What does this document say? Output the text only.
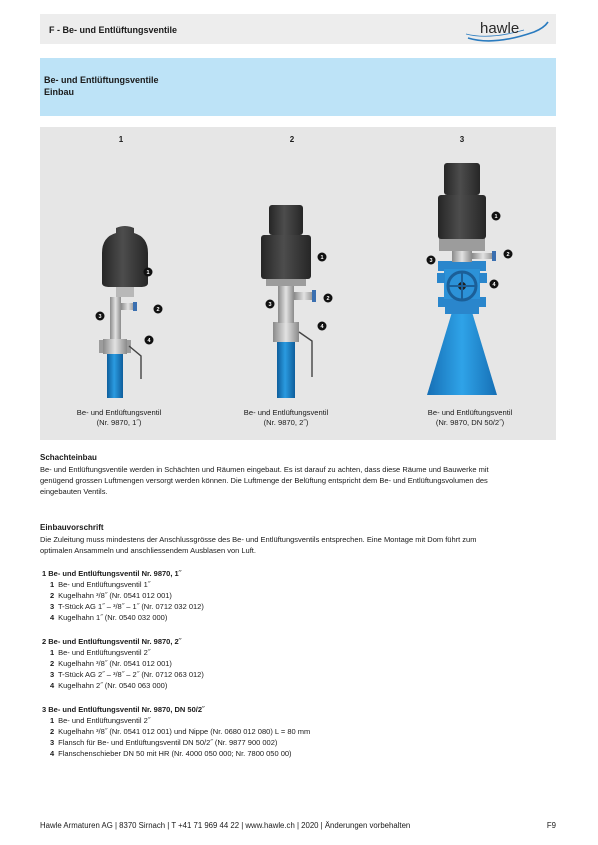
F - Be- und Entlüftungsventile	hawle
Be- und Entlüftungsventile
Einbau
1
2
3
4
1
2
3
4
1
2
3
4
1	2	3
Be- und Entlüftungsventil
(Nr. 9870, 1˝)
Be- und Entlüftungsventil
(Nr. 9870, 2˝)
Be- und Entlüftungsventil
(Nr. 9870, DN 50/2˝)
Schachteinbau
Be- und Entlüftungsventile werden in Schächten und Räumen eingebaut. Es ist darauf zu achten, dass diese Räume und Bauwerke mit
genügend grossen Luftmengen versorgt werden können. Die Luftmenge der Belüftung entspricht dem Be- und Entlüftungsvolumen des
eingebauten Ventils.
Einbauvorschrift
Die Zuleitung muss mindestens der Anschlussgrösse des Be- und Entlüftungsventils entsprechen. Eine Montage mit Dom führt zum
optimalen Ansammeln und anschliessendem Ausblasen von Luft.
1 Be- und Entlüftungsventil Nr. 9870, 1˝
1 Be- und Entlüftungsventil 1˝
2 Kugelhahn ³/8˝ (Nr. 0541 012 001)
3 T-Stück AG 1˝ – ³/8˝ – 1˝ (Nr. 0712 032 012)
4 Kugelhahn 1˝ (Nr. 0540 032 000)
2 Be- und Entlüftungsventil Nr. 9870, 2˝
1 Be- und Entlüftungsventil 2˝
2 Kugelhahn ³/8˝ (Nr. 0541 012 001)
3 T-Stück AG 2˝ – ³/8˝ – 2˝ (Nr. 0712 063 012)
4 Kugelhahn 2˝ (Nr. 0540 063 000)
3 Be- und Entlüftungsventil Nr. 9870, DN 50/2˝
1 Be- und Entlüftungsventil 2˝
2 Kugelhahn ³/8˝ (Nr. 0541 012 001) und Nippe (Nr. 0680 012 080) L = 80 mm
3 Flansch für Be- und Entlüftungsventil DN 50/2˝ (Nr. 9877 900 002)
4 Flanschenschieber DN 50 mit HR (Nr. 4000 050 000; Nr. 7800 050 00)
Hawle Armaturen AG | 8370 Sirnach | T +41 71 969 44 22 | www.hawle.ch | 2020 | Änderungen vorbehalten	F9
